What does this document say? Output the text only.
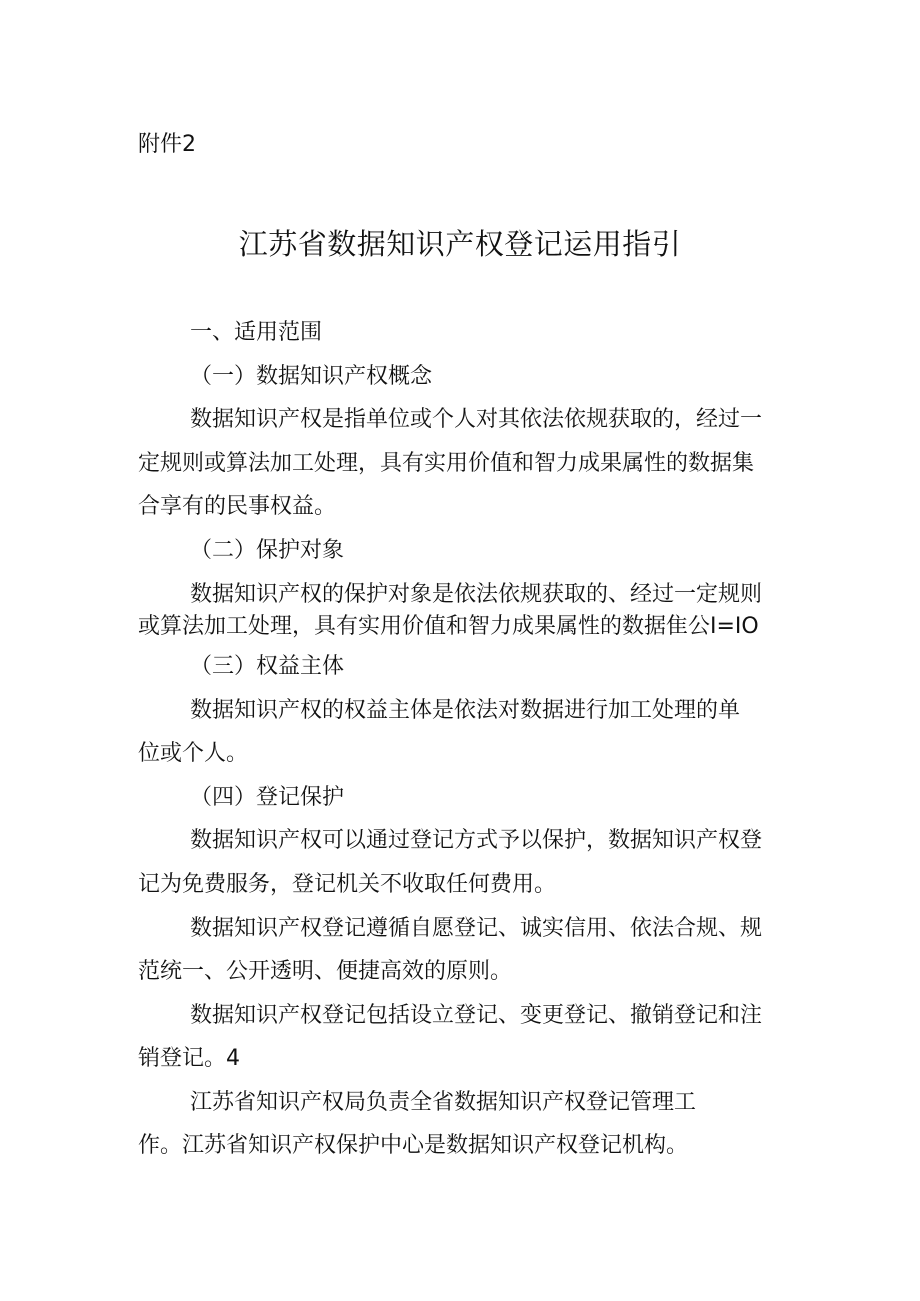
附件2

江苏省数据知识产权登记运用指引

一、适用范围

（一）数据知识产权概念

数据知识产权是指单位或个人对其依法依规获取的，经过一

定规则或算法加工处理，具有实用价值和智力成果属性的数据集

合享有的民事权益。

（二）保护对象

数据知识产权的保护对象是依法依规获取的、经过一定规则

或算法加工处理，具有实用价值和智力成果属性的数据隹公I=IO

（三）权益主体

数据知识产权的权益主体是依法对数据进行加工处理的单

位或个人。

（四）登记保护

数据知识产权可以通过登记方式予以保护，数据知识产权登

记为免费服务，登记机关不收取任何费用。

数据知识产权登记遵循自愿登记、诚实信用、依法合规、规

范统一、公开透明、便捷高效的原则。

数据知识产权登记包括设立登记、变更登记、撤销登记和注

销登记。4

江苏省知识产权局负责全省数据知识产权登记管理工

作。江苏省知识产权保护中心是数据知识产权登记机构。
